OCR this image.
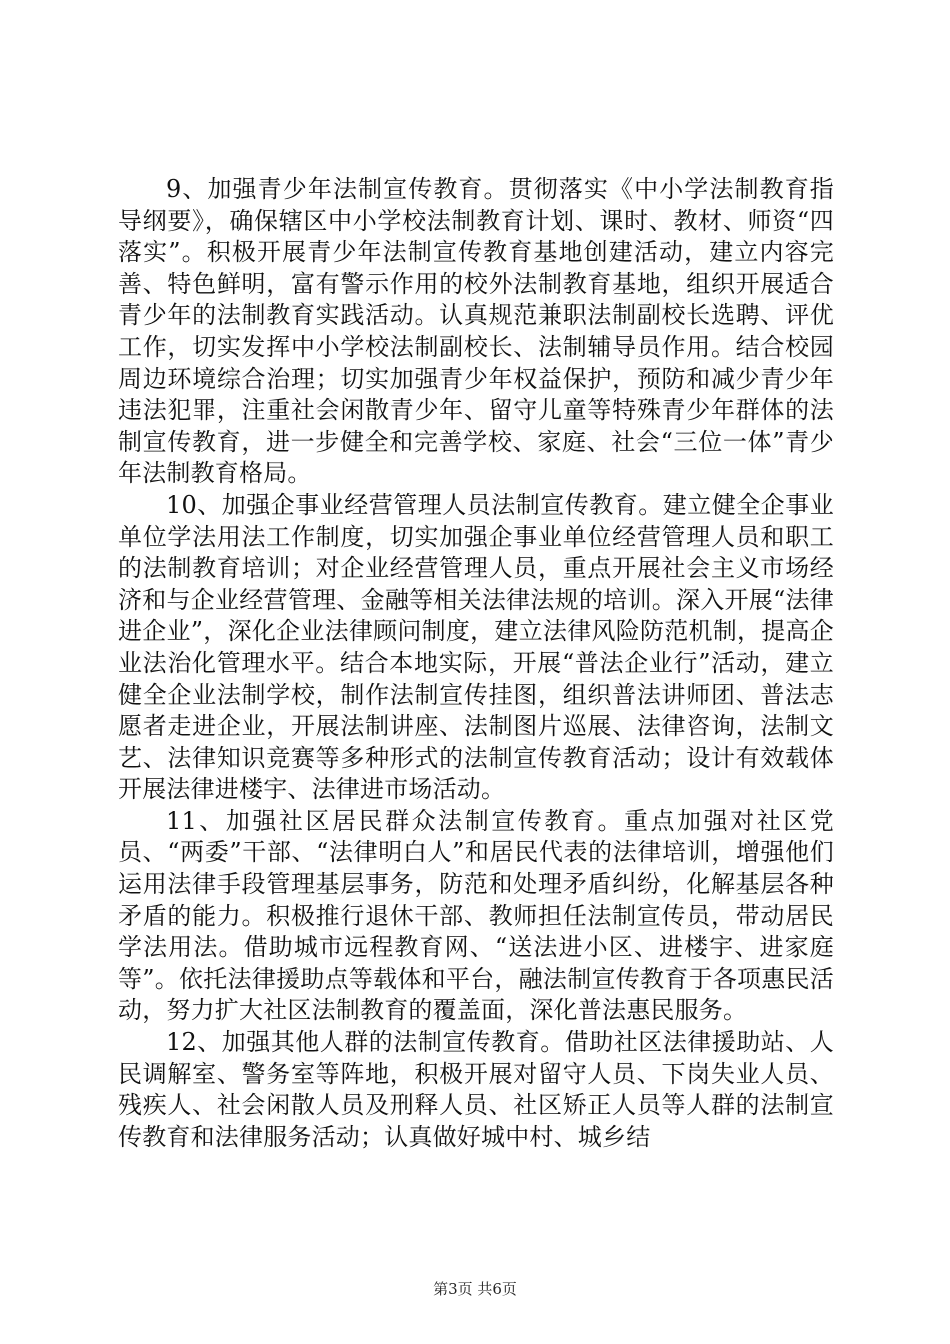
9、加强青少年法制宣传教育。贯彻落实《中小学法制教育指导纲要》，确保辖区中小学校法制教育计划、课时、教材、师资“四落实”。积极开展青少年法制宣传教育基地创建活动，建立内容完善、特色鲜明，富有警示作用的校外法制教育基地，组织开展适合青少年的法制教育实践活动。认真规范兼职法制副校长选聘、评优工作，切实发挥中小学校法制副校长、法制辅导员作用。结合校园周边环境综合治理；切实加强青少年权益保护，预防和减少青少年违法犯罪，注重社会闲散青少年、留守儿童等特殊青少年群体的法制宣传教育，进一步健全和完善学校、家庭、社会“三位一体”青少年法制教育格局。

10、加强企事业经营管理人员法制宣传教育。建立健全企事业单位学法用法工作制度，切实加强企事业单位经营管理人员和职工的法制教育培训；对企业经营管理人员，重点开展社会主义市场经济和与企业经营管理、金融等相关法律法规的培训。深入开展“法律进企业”，深化企业法律顾问制度，建立法律风险防范机制，提高企业法治化管理水平。结合本地实际，开展“普法企业行”活动，建立健全企业法制学校，制作法制宣传挂图，组织普法讲师团、普法志愿者走进企业，开展法制讲座、法制图片巡展、法律咨询，法制文艺、法律知识竞赛等多种形式的法制宣传教育活动；设计有效载体开展法律进楼宇、法律进市场活动。

11、加强社区居民群众法制宣传教育。重点加强对社区党员、“两委”干部、“法律明白人”和居民代表的法律培训，增强他们运用法律手段管理基层事务，防范和处理矛盾纠纷，化解基层各种矛盾的能力。积极推行退休干部、教师担任法制宣传员，带动居民学法用法。借助城市远程教育网、“送法进小区、进楼宇、进家庭等”。依托法律援助点等载体和平台，融法制宣传教育于各项惠民活动，努力扩大社区法制教育的覆盖面，深化普法惠民服务。

12、加强其他人群的法制宣传教育。借助社区法律援助站、人民调解室、警务室等阵地，积极开展对留守人员、下岗失业人员、残疾人、社会闲散人员及刑释人员、社区矫正人员等人群的法制宣传教育和法律服务活动；认真做好城中村、城乡结

第3页 共6页
